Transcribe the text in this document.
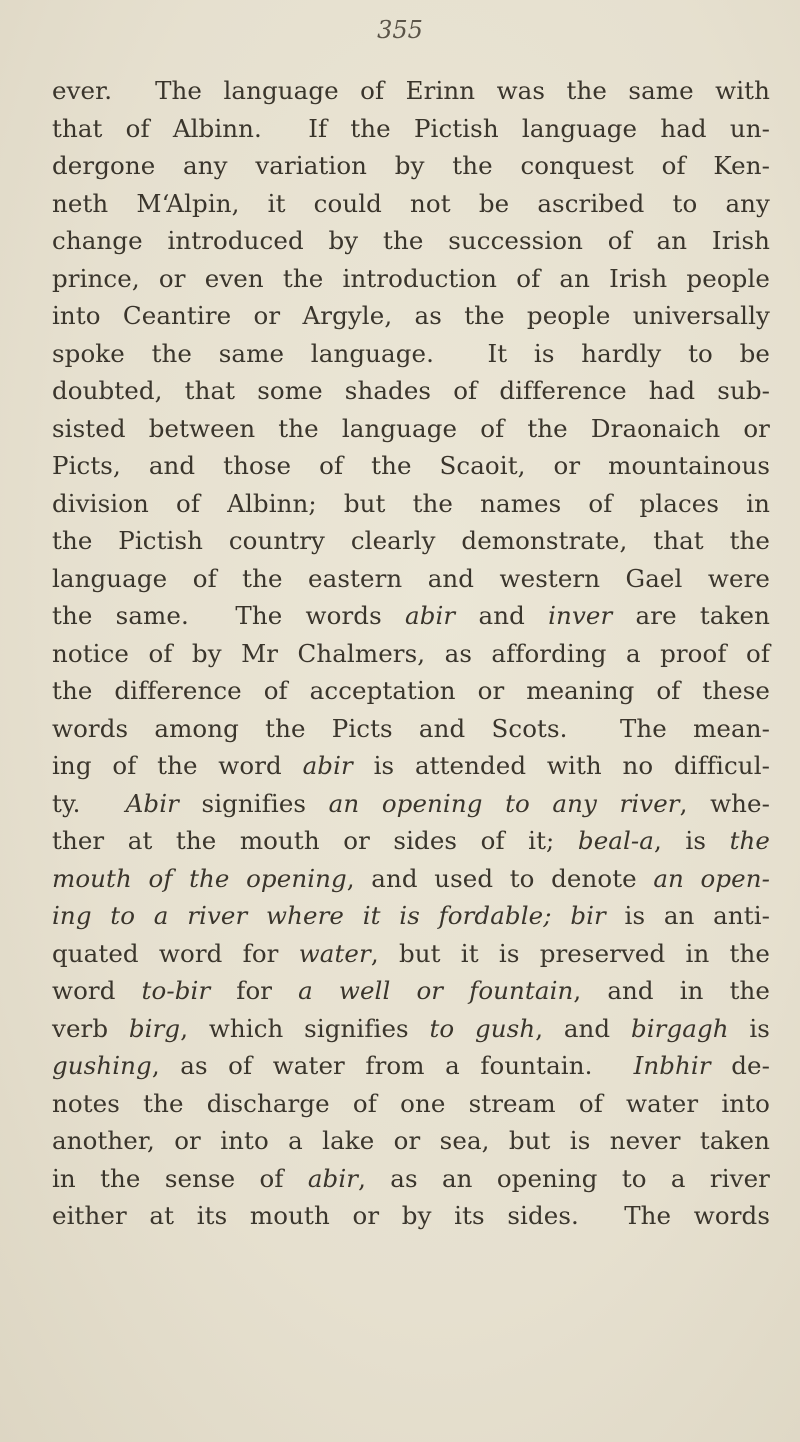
355
ever.  The language of Erinn was the same with
that of Albinn.  If the Pictish language had un-
dergone any variation by the conquest of Ken-
neth M‘Alpin, it could not be ascribed to any
change introduced by the succession of an Irish
prince, or even the introduction of an Irish people
into Ceantire or Argyle, as the people universally
spoke the same language.  It is hardly to be
doubted, that some shades of difference had sub-
sisted between the language of the Draonaich or
Picts, and those of the Scaoit, or mountainous
division of Albinn; but the names of places in
the Pictish country clearly demonstrate, that the
language of the eastern and western Gael were
the same.  The words abir and inver are taken
notice of by Mr Chalmers, as affording a proof of
the difference of acceptation or meaning of these
words among the Picts and Scots.  The mean-
ing of the word abir is attended with no difficul-
ty.  Abir signifies an opening to any river, whe-
ther at the mouth or sides of it; beal-a, is the
mouth of the opening, and used to denote an open-
ing to a river where it is fordable; bir is an anti-
quated word for water, but it is preserved in the
word to-bir for a well or fountain, and in the
verb birg, which signifies to gush, and birgagh is
gushing, as of water from a fountain.  Inbhir de-
notes the discharge of one stream of water into
another, or into a lake or sea, but is never taken
in the sense of abir, as an opening to a river
either at its mouth or by its sides.  The words
